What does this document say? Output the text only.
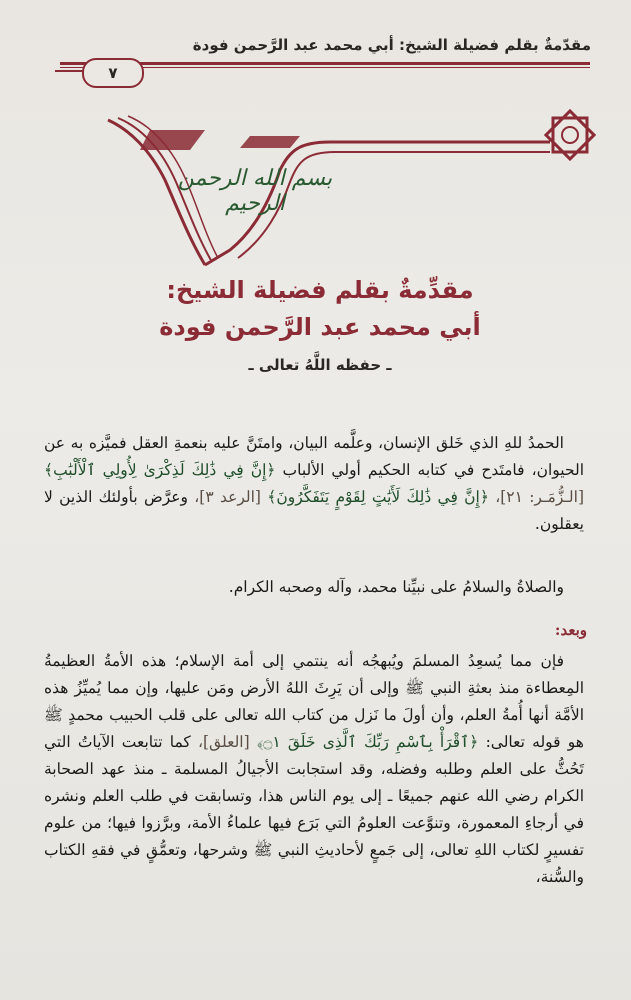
مقدّمةٌ بقلم فضيلة الشيخ: أبي محمد عبد الرَّحمن فودة
٧
بسم الله الرحمن الرحيم
مقدِّمةٌ بقلم فضيلة الشيخ:
أبي محمد عبد الرَّحمن فودة
ـ حفظه اللَّهُ تعالى ـ
الحمدُ للهِ الذي خَلق الإنسان، وعلَّمه البيان، وامتَنَّ عليه بنعمةِ العقل فميَّزه به عن الحيوان، فامتَدح في كتابه الحكيم أولي الألباب ﴿إِنَّ فِي ذَٰلِكَ لَذِكْرَىٰ لِأُولِي ٱلْأَلْبَٰبِ﴾ [الـزُّمَـر: ٢١]، ﴿إِنَّ فِي ذَٰلِكَ لَأَيَٰتٍ لِقَوْمٍ يَتَفَكَّرُونَ﴾ [الرعد ٣]، وعرَّض بأولئك الذين لا يعقلون.
والصلاةُ والسلامُ على نبيِّنا محمد، وآله وصحبه الكرام.
وبعد:
فإن مما يُسعِدُ المسلمَ ويُبهجُه أنه ينتمي إلى أمة الإسلام؛ هذه الأمةُ العظيمةُ المِعطاءة منذ بعثةِ النبي ﷺ وإلى أن يَرِثَ اللهُ الأرض ومَن عليها، وإن مما يُميِّزُ هذه الأمَّة أنها أُمةُ العلم، وأن أولَ ما نَزل من كتاب الله تعالى على قلب الحبيب محمدٍ ﷺ هو قوله تعالى: ﴿ٱقْرَأْ بِٱسْمِ رَبِّكَ ٱلَّذِى خَلَقَ ۝١﴾ [العلق]، كما تتابعت الآياتُ التي تَحُثُّ على العلم وطلبه وفضله، وقد استجابت الأجيالُ المسلمة ـ منذ عهد الصحابة الكرام رضي الله عنهم جميعًا ـ إلى يوم الناس هذا، وتسابقت في طلب العلم ونشره في أرجاءِ المعمورة، وتنوَّعت العلومُ التي بَرَع فيها علماءُ الأمة، وبرَّزوا فيها؛ من علوم تفسيرٍ لكتاب اللهِ تعالى، إلى جَمعٍ لأحاديثِ النبي ﷺ وشرحها، وتعمُّقٍ في فقهِ الكتاب والسُّنة،
